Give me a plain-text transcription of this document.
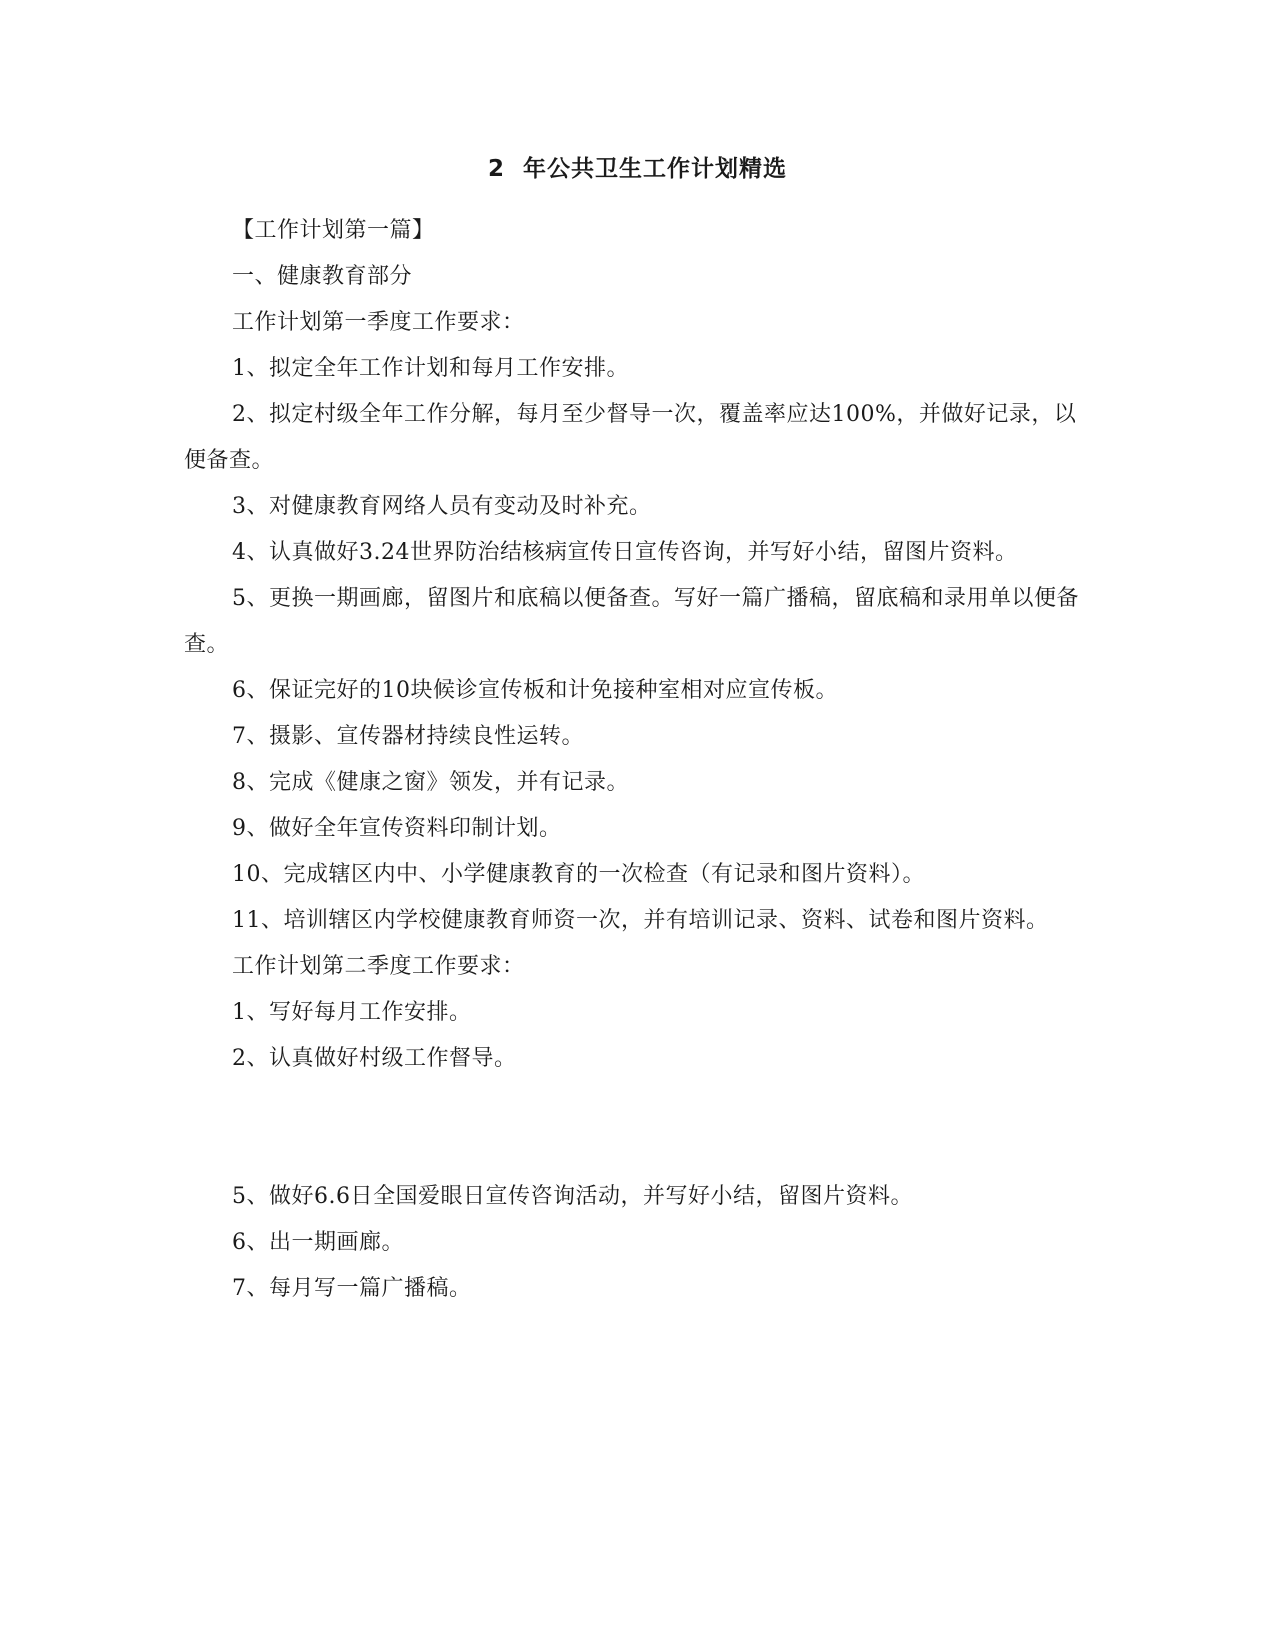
2 年公共卫生工作计划精选

【工作计划第一篇】

一、健康教育部分

工作计划第一季度工作要求：

1、拟定全年工作计划和每月工作安排。

2、拟定村级全年工作分解，每月至少督导一次，覆盖率应达100%，并做好记录，以便备查。

3、对健康教育网络人员有变动及时补充。

4、认真做好3.24世界防治结核病宣传日宣传咨询，并写好小结，留图片资料。

5、更换一期画廊，留图片和底稿以便备查。写好一篇广播稿，留底稿和录用单以便备查。

6、保证完好的10块候诊宣传板和计免接种室相对应宣传板。

7、摄影、宣传器材持续良性运转。

8、完成《健康之窗》领发，并有记录。

9、做好全年宣传资料印制计划。

10、完成辖区内中、小学健康教育的一次检查（有记录和图片资料）。

11、培训辖区内学校健康教育师资一次，并有培训记录、资料、试卷和图片资料。

工作计划第二季度工作要求：

1、写好每月工作安排。

2、认真做好村级工作督导。

5、做好6.6日全国爱眼日宣传咨询活动，并写好小结，留图片资料。

6、出一期画廊。

7、每月写一篇广播稿。
